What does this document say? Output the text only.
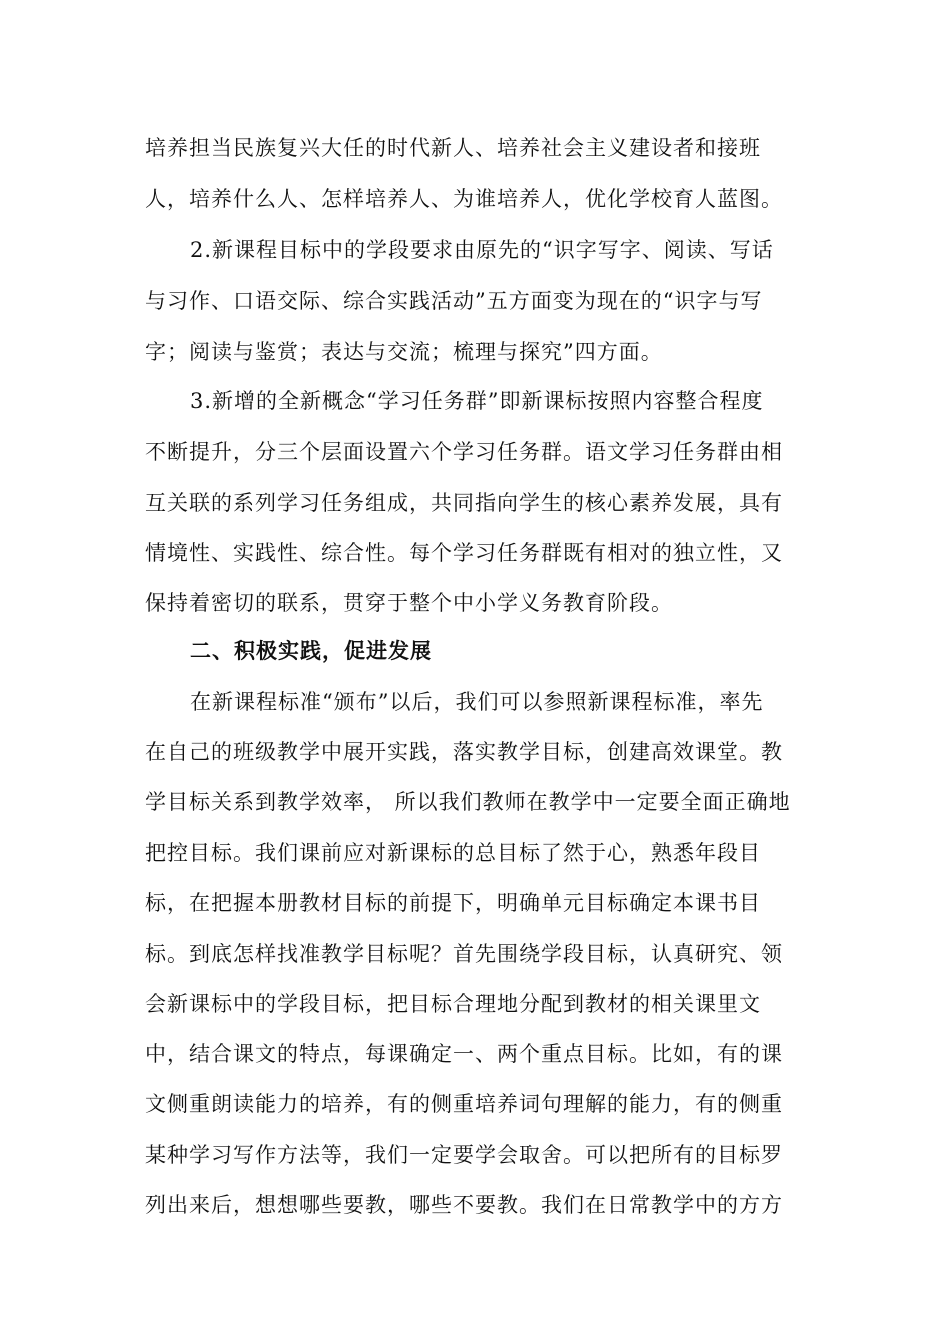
培养担当民族复兴大任的时代新人、培养社会主义建设者和接班
人，培养什么人、怎样培养人、为谁培养人，优化学校育人蓝图。
2.新课程目标中的学段要求由原先的“识字写字、阅读、写话
与习作、口语交际、综合实践活动”五方面变为现在的“识字与写
字；阅读与鉴赏；表达与交流；梳理与探究”四方面。
3.新增的全新概念“学习任务群”即新课标按照内容整合程度
不断提升，分三个层面设置六个学习任务群。语文学习任务群由相
互关联的系列学习任务组成，共同指向学生的核心素养发展，具有
情境性、实践性、综合性。每个学习任务群既有相对的独立性，又
保持着密切的联系，贯穿于整个中小学义务教育阶段。
二、积极实践，促进发展
在新课程标准“颁布”以后，我们可以参照新课程标准，率先
在自己的班级教学中展开实践，落实教学目标，创建高效课堂。教
学目标关系到教学效率， 所以我们教师在教学中一定要全面正确地
把控目标。我们课前应对新课标的总目标了然于心，熟悉年段目
标，在把握本册教材目标的前提下，明确单元目标确定本课书目
标。到底怎样找准教学目标呢？首先围绕学段目标，认真研究、领
会新课标中的学段目标，把目标合理地分配到教材的相关课里文
中，结合课文的特点，每课确定一、两个重点目标。比如，有的课
文侧重朗读能力的培养，有的侧重培养词句理解的能力，有的侧重
某种学习写作方法等，我们一定要学会取舍。可以把所有的目标罗
列出来后，想想哪些要教，哪些不要教。我们在日常教学中的方方
